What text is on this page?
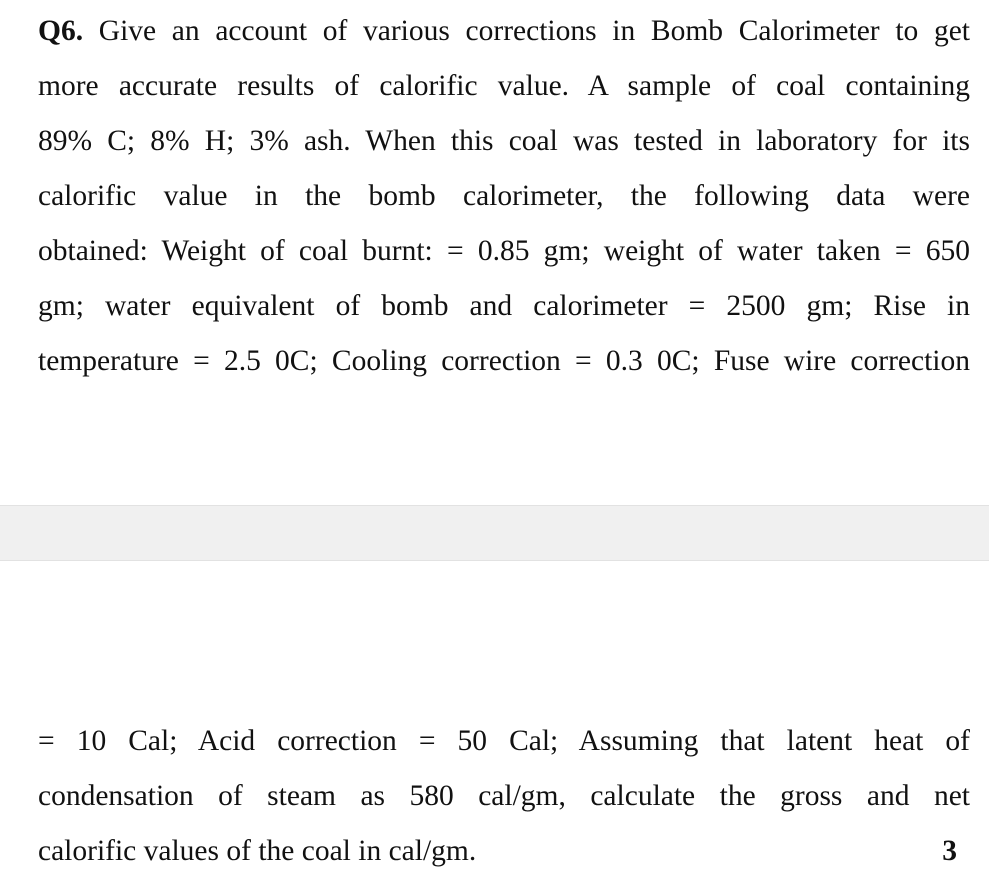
Q6. Give an account of various corrections in Bomb Calorimeter to get
more accurate results of calorific value. A sample of coal containing
89% C; 8% H; 3% ash. When this coal was tested in laboratory for its
calorific value in the bomb calorimeter, the following data were
obtained: Weight of coal burnt: = 0.85 gm; weight of water taken = 650
gm; water equivalent of bomb and calorimeter = 2500 gm; Rise in
temperature = 2.5 0C; Cooling correction = 0.3 0C; Fuse wire correction
= 10 Cal; Acid correction = 50 Cal; Assuming that latent heat of
condensation of steam as 580 cal/gm, calculate the gross and net
calorific values of the coal in cal/gm.	3
